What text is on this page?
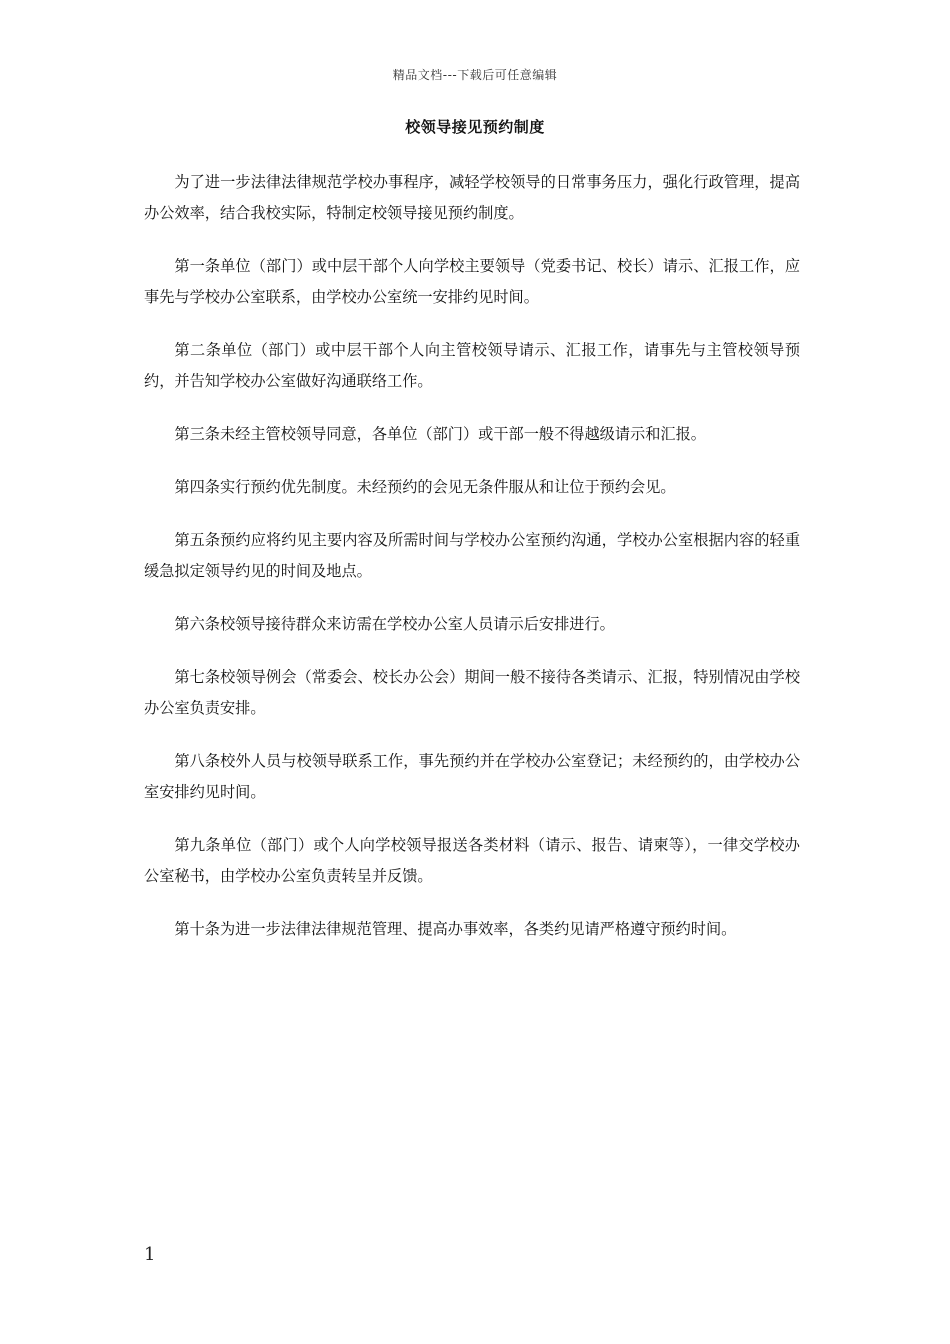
精品文档---下载后可任意编辑
校领导接见预约制度

为了进一步法律法律规范学校办事程序，减轻学校领导的日常事务压力，强化行政管理，提高办公效率，结合我校实际，特制定校领导接见预约制度。

第一条单位（部门）或中层干部个人向学校主要领导（党委书记、校长）请示、汇报工作，应事先与学校办公室联系，由学校办公室统一安排约见时间。

第二条单位（部门）或中层干部个人向主管校领导请示、汇报工作，请事先与主管校领导预约，并告知学校办公室做好沟通联络工作。

第三条未经主管校领导同意，各单位（部门）或干部一般不得越级请示和汇报。

第四条实行预约优先制度。未经预约的会见无条件服从和让位于预约会见。

第五条预约应将约见主要内容及所需时间与学校办公室预约沟通，学校办公室根据内容的轻重缓急拟定领导约见的时间及地点。

第六条校领导接待群众来访需在学校办公室人员请示后安排进行。

第七条校领导例会（常委会、校长办公会）期间一般不接待各类请示、汇报，特别情况由学校办公室负责安排。

第八条校外人员与校领导联系工作，事先预约并在学校办公室登记；未经预约的，由学校办公室安排约见时间。

第九条单位（部门）或个人向学校领导报送各类材料（请示、报告、请柬等），一律交学校办公室秘书，由学校办公室负责转呈并反馈。

第十条为进一步法律法律规范管理、提高办事效率，各类约见请严格遵守预约时间。

1
